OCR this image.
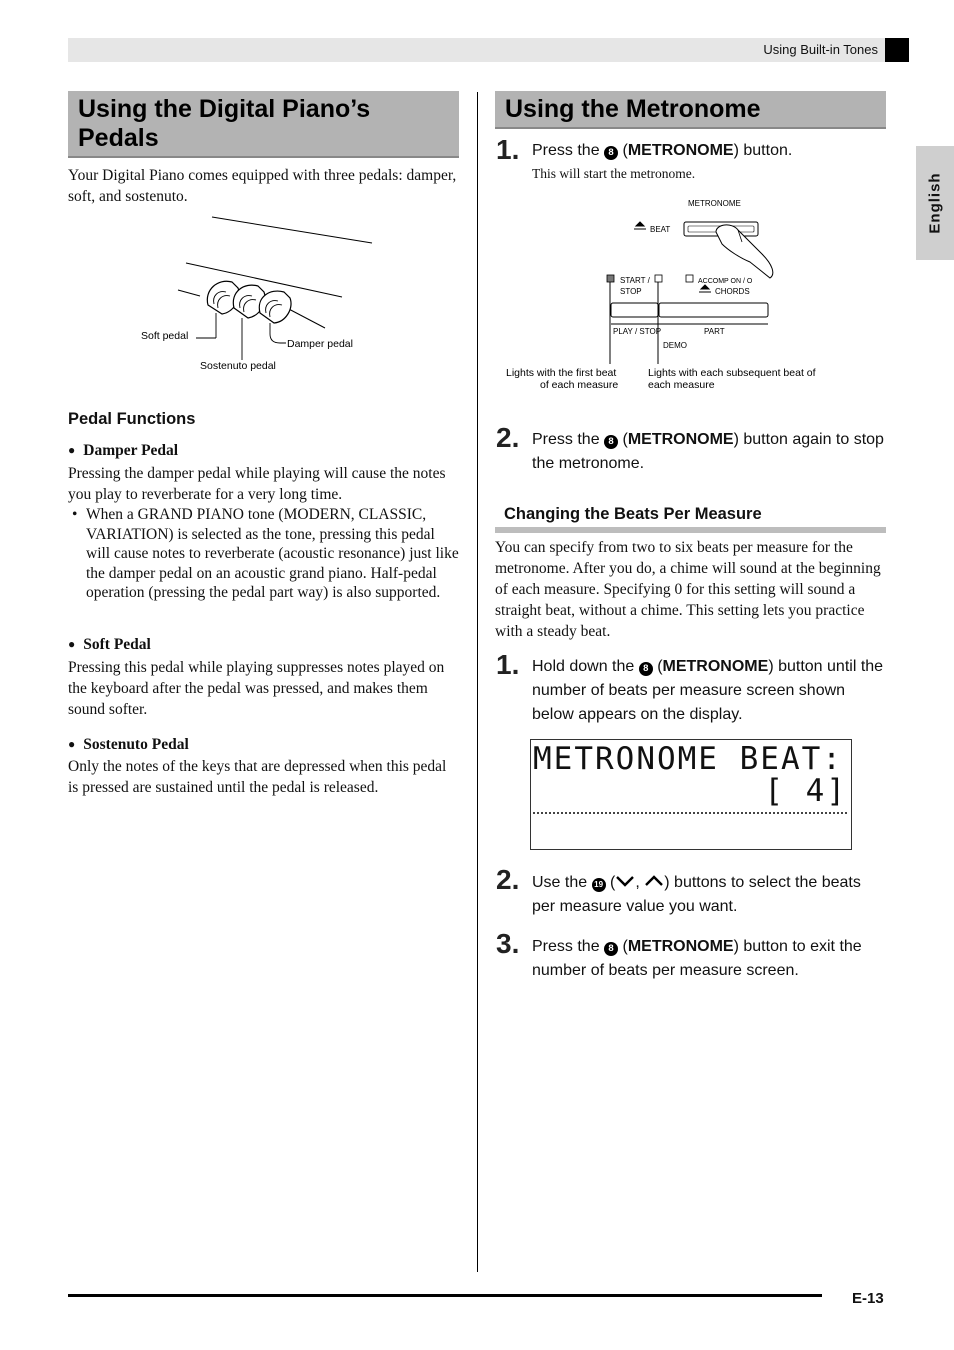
Using Built-in Tones
English
Using the Digital Piano’s Pedals
Your Digital Piano comes equipped with three pedals: damper, soft, and sostenuto.
Soft pedal
Damper pedal
Sostenuto pedal
Pedal Functions
● Damper Pedal
Pressing the damper pedal while playing will cause the notes you play to reverberate for a very long time.
• When a GRAND PIANO tone (MODERN, CLASSIC, VARIATION) is selected as the tone, pressing this pedal will cause notes to reverberate (acoustic resonance) just like the damper pedal on an acoustic grand piano. Half-pedal operation (pressing the pedal part way) is also supported.
● Soft Pedal
Pressing this pedal while playing suppresses notes played on the keyboard after the pedal was pressed, and makes them sound softer.
● Sostenuto Pedal
Only the notes of the keys that are depressed when this pedal is pressed are sustained until the pedal is released.
Using the Metronome
1. Press the 8 (METRONOME) button.
This will start the metronome.
METRONOME
BEAT
START /
STOP
ACCOMP ON / O
CHORDS
PLAY / STOP	PART
DEMO
Lights with the first beat
of each measure
Lights with each subsequent beat of
each measure
2. Press the 8 (METRONOME) button again to stop the metronome.
Changing the Beats Per Measure
You can specify from two to six beats per measure for the metronome. After you do, a chime will sound at the beginning of each measure. Specifying 0 for this setting will sound a straight beat, without a chime. This setting lets you practice with a steady beat.
1. Hold down the 8 (METRONOME) button until the number of beats per measure screen shown below appears on the display.
METRONOME BEAT:
[ 4]
2. Use the 19 ( , ) buttons to select the beats per measure value you want.
3. Press the 8 (METRONOME) button to exit the number of beats per measure screen.
E-13
